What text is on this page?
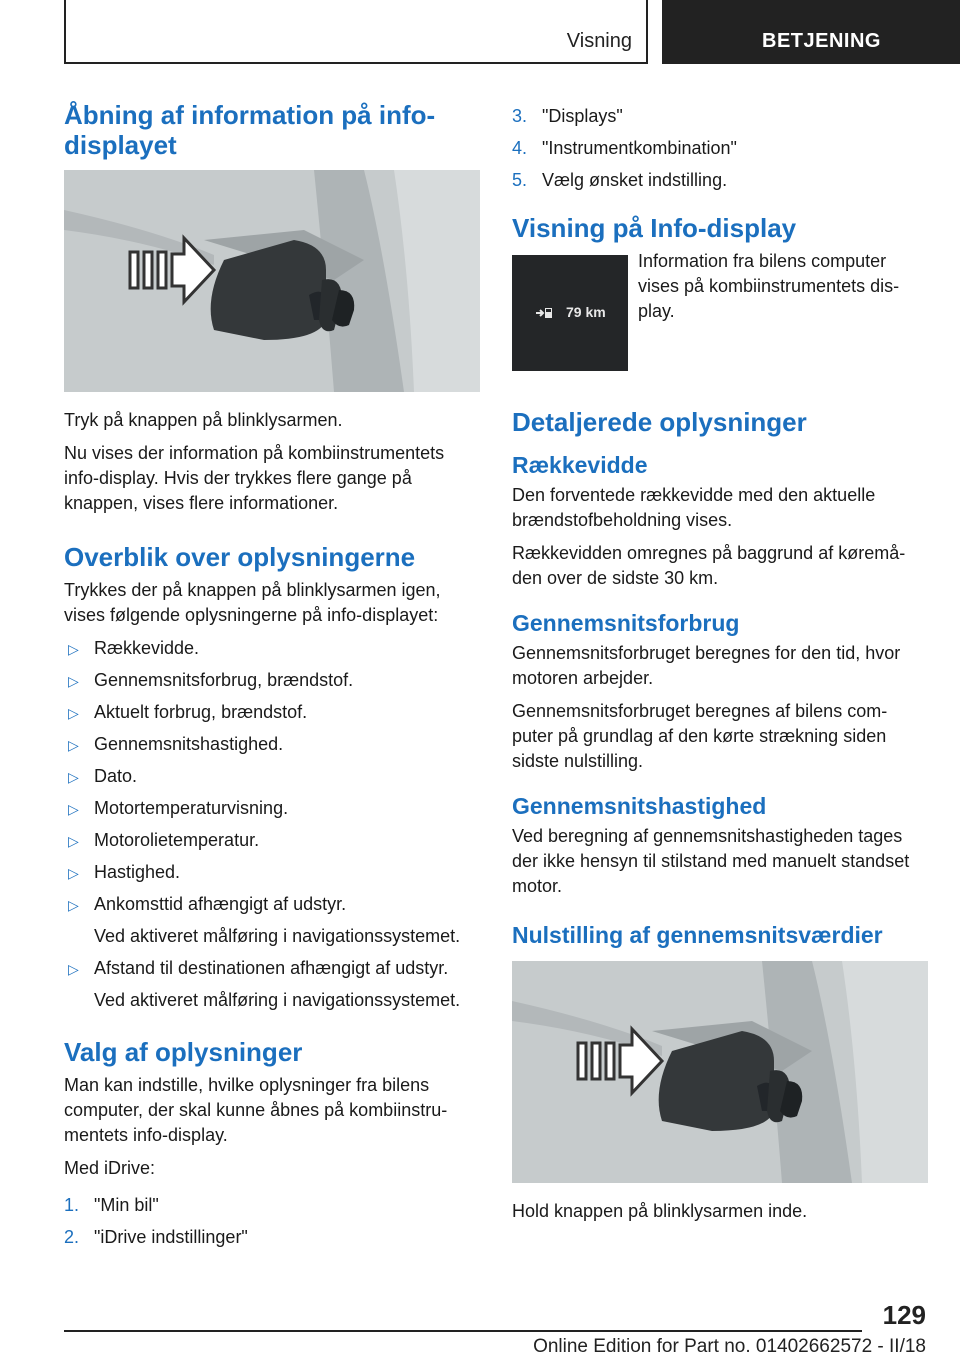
Visning	BETJENING
Åbning af information på info-displayet

Tryk på knappen på blinklysarmen.

Nu vises der information på kombiinstrumentets info-display. Hvis der trykkes flere gange på knappen, vises flere informationer.

Overblik over oplysningerne

Trykkes der på knappen på blinklysarmen igen, vises følgende oplysningerne på info-displayet:

▷ Rækkevidde.
▷ Gennemsnitsforbrug, brændstof.
▷ Aktuelt forbrug, brændstof.
▷ Gennemsnitshastighed.
▷ Dato.
▷ Motortemperaturvisning.
▷ Motorolietemperatur.
▷ Hastighed.
▷ Ankomsttid afhængigt af udstyr.
Ved aktiveret målføring i navigationssystemet.
▷ Afstand til destinationen afhængigt af udstyr.
Ved aktiveret målføring i navigationssystemet.
Valg af oplysninger

Man kan indstille, hvilke oplysninger fra bilens computer, der skal kunne åbnes på kombiinstru-mentets info-display.

Med iDrive:

1. "Min bil"
2. "iDrive indstillinger"
3. "Displays"
4. "Instrumentkombination"
5. Vælg ønsket indstilling.
Visning på Info-display
79 km
Information fra bilens computer vises på kombiinstrumentets dis-play.
Detaljerede oplysninger
Rækkevidde

Den forventede rækkevidde med den aktuelle brændstofbeholdning vises.

Rækkevidden omregnes på baggrund af køremå-den over de sidste 30 km.

Gennemsnitsforbrug

Gennemsnitsforbruget beregnes for den tid, hvor motoren arbejder.

Gennemsnitsforbruget beregnes af bilens com-puter på grundlag af den kørte strækning siden sidste nulstilling.

Gennemsnitshastighed

Ved beregning af gennemsnitshastigheden tages der ikke hensyn til stilstand med manuelt standset motor.

Nulstilling af gennemsnitsværdier

Hold knappen på blinklysarmen inde.

129
Online Edition for Part no. 01402662572 - II/18
